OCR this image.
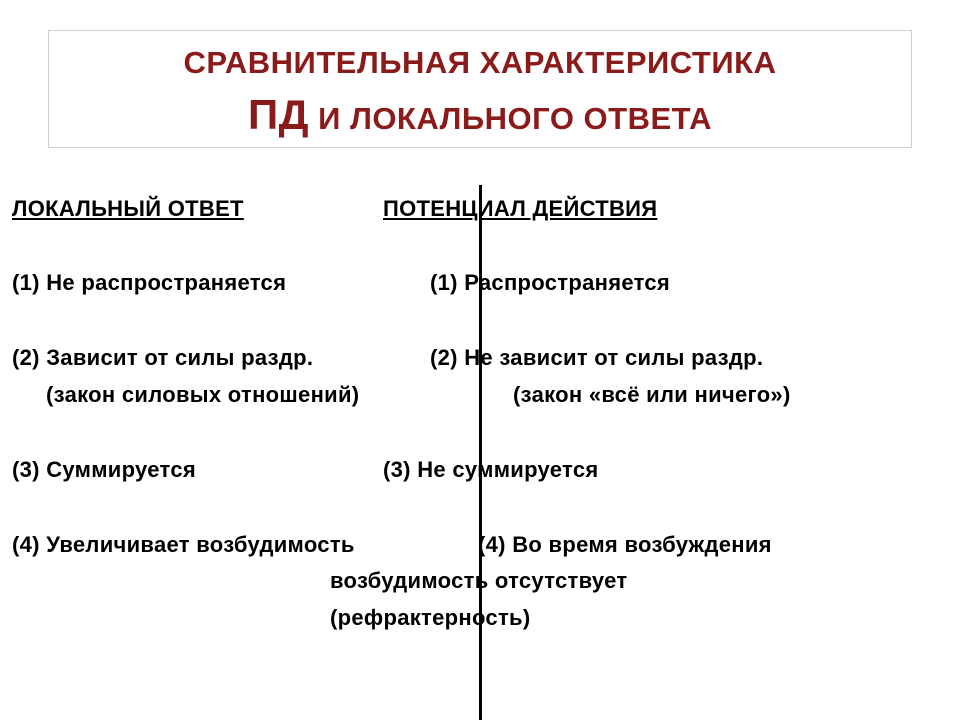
СРАВНИТЕЛЬНАЯ ХАРАКТЕРИСТИКА
ПД И ЛОКАЛЬНОГО ОТВЕТА
ЛОКАЛЬНЫЙ ОТВЕТ	ПОТЕНЦИАЛ ДЕЙСТВИЯ
(1) Не распространяется	(1) Распространяется
(2) Зависит от силы раздр.	(2) Не зависит от силы раздр.
(закон силовых отношений)	(закон «всё или ничего»)
(3) Суммируется	(3) Не суммируется
(4) Увеличивает возбудимость	(4) Во время возбуждения
возбудимость отсутствует
(рефрактерность)
